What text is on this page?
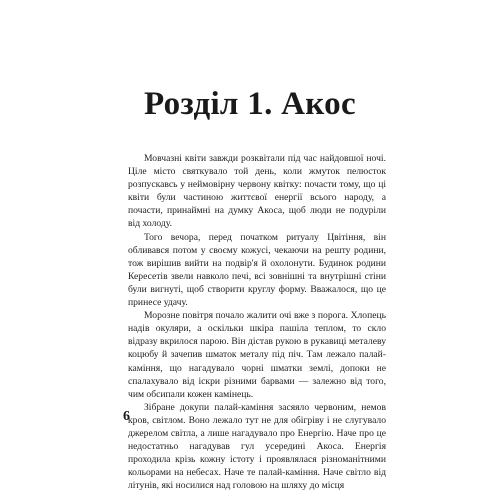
Розділ 1. Акос

Мовчазні квіти завжди розквітали під час найдовшої ночі. Ціле місто святкувало той день, коли жмуток пелюсток розпускавсь у неймовірну червону квітку: почасти тому, що ці квіти були частиною життєвої енергії всього народу, а почасти, принаймні на думку Акоса, щоб люди не подуріли від холоду.

Того вечора, перед початком ритуалу Цвітіння, він обливався потом у своєму кожусі, чекаючи на решту родини, тож вирішив вийти на подвір'я й охолонути. Будинок родини Кересетів звели навколо печі, всі зовнішні та внутрішні стіни були вигнуті, щоб створити круглу форму. Вважалося, що це принесе удачу.

Морозне повітря почало жалити очі вже з порога. Хлопець надів окуляри, а оскільки шкіра пашіла теплом, то скло відразу вкрилося парою. Він дістав рукою в рукавиці металеву коцюбу й зачепив шматок металу під піч. Там лежало палай-каміння, що нагадувало чорні шматки землі, допоки не спалахувало від іскри різними барвами — залежно від того, чим обсипали кожен камінець.

Зібране докупи палай-каміння засяяло червоним, немов кров, світлом. Воно лежало тут не для обігріву і не слугувало джерелом світла, а лише нагадувало про Енергію. Наче про це недостатньо нагадував гул усередині Акоса. Енергія проходила крізь кожну істоту і проявлялася різноманітними кольорами на небесах. Наче те палай-каміння. Наче світло від літунів, які носилися над головою на шляху до місця

6
